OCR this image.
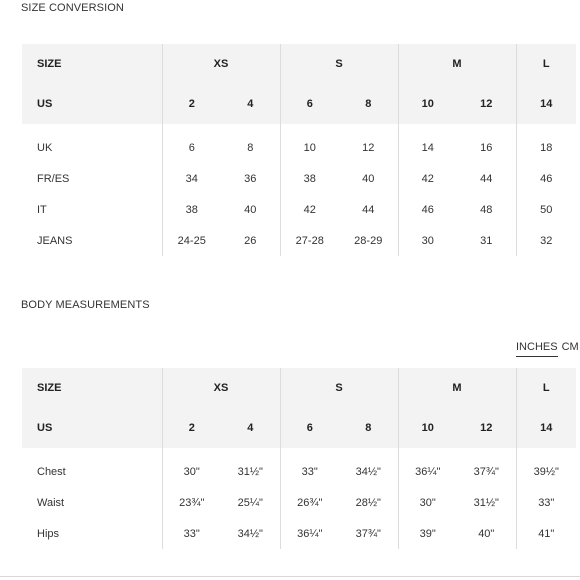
SIZE CONVERSION
SIZE	XS		S		M		L
US	2	4	6	8	10	12	14
UK	6	8	10	12	14	16	18
FR/ES	34	36	38	40	42	44	46
IT	38	40	42	44	46	48	50
JEANS	24-25	26	27-28	28-29	30	31	32
BODY MEASUREMENTS
INCHES CM
SIZE	XS		S		M		L
US	2	4	6	8	10	12	14
Chest	30"	31½"	33"	34½"	36¼"	37¾"	39½"
Waist	23¾"	25¼"	26¾"	28½"	30"	31½"	33"
Hips	33"	34½"	36¼"	37¾"	39"	40"	41"
